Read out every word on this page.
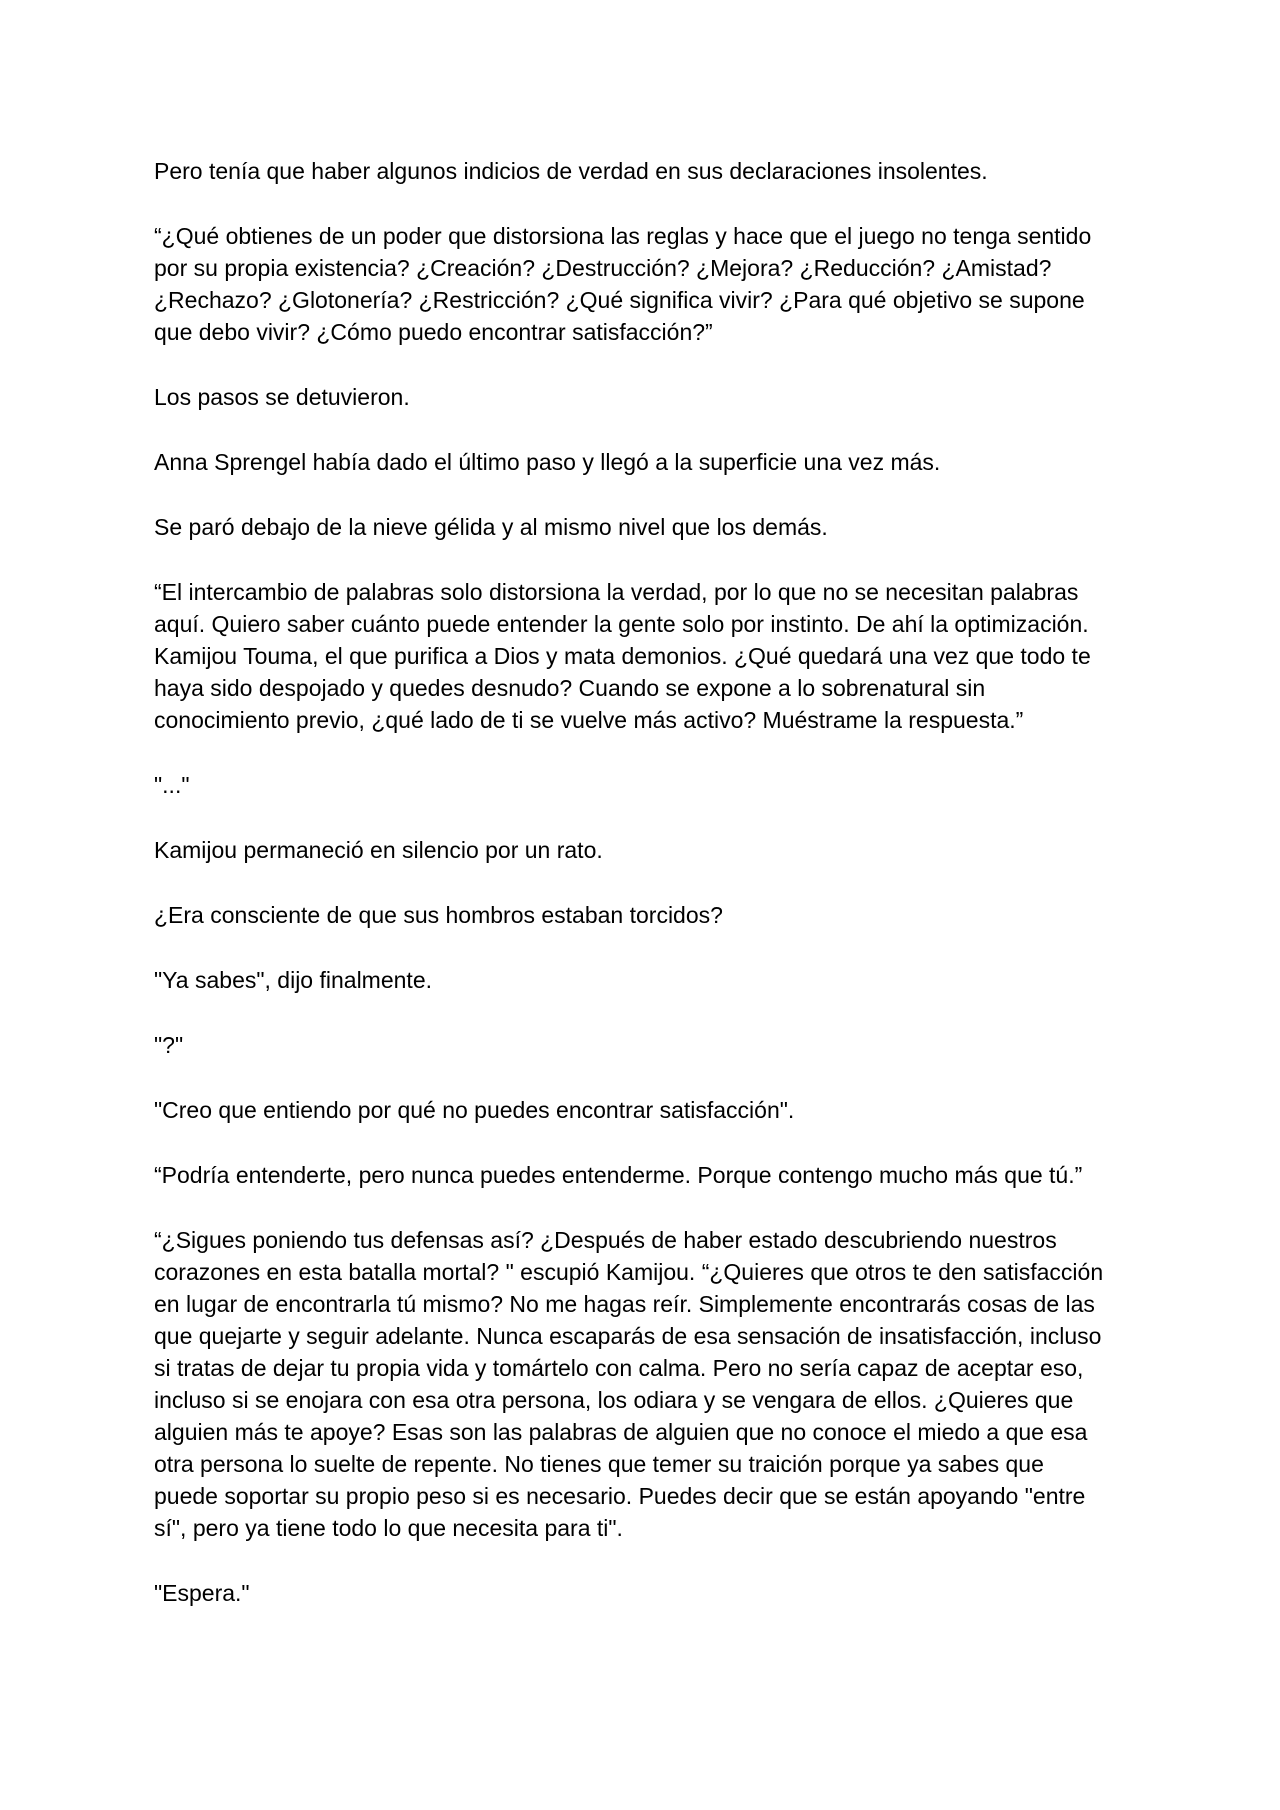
Pero tenía que haber algunos indicios de verdad en sus declaraciones insolentes.

“¿Qué obtienes de un poder que distorsiona las reglas y hace que el juego no tenga sentido por su propia existencia? ¿Creación? ¿Destrucción? ¿Mejora? ¿Reducción? ¿Amistad? ¿Rechazo? ¿Glotonería? ¿Restricción? ¿Qué significa vivir? ¿Para qué objetivo se supone que debo vivir? ¿Cómo puedo encontrar satisfacción?”

Los pasos se detuvieron.

Anna Sprengel había dado el último paso y llegó a la superficie una vez más.

Se paró debajo de la nieve gélida y al mismo nivel que los demás.

“El intercambio de palabras solo distorsiona la verdad, por lo que no se necesitan palabras aquí. Quiero saber cuánto puede entender la gente solo por instinto. De ahí la optimización. Kamijou Touma, el que purifica a Dios y mata demonios. ¿Qué quedará una vez que todo te haya sido despojado y quedes desnudo? Cuando se expone a lo sobrenatural sin conocimiento previo, ¿qué lado de ti se vuelve más activo? Muéstrame la respuesta.”

"..."

Kamijou permaneció en silencio por un rato.

¿Era consciente de que sus hombros estaban torcidos?

"Ya sabes", dijo finalmente.

"?"

"Creo que entiendo por qué no puedes encontrar satisfacción".

“Podría entenderte, pero nunca puedes entenderme. Porque contengo mucho más que tú.”

“¿Sigues poniendo tus defensas así? ¿Después de haber estado descubriendo nuestros corazones en esta batalla mortal? " escupió Kamijou. “¿Quieres que otros te den satisfacción en lugar de encontrarla tú mismo? No me hagas reír. Simplemente encontrarás cosas de las que quejarte y seguir adelante. Nunca escaparás de esa sensación de insatisfacción, incluso si tratas de dejar tu propia vida y tomártelo con calma. Pero no sería capaz de aceptar eso, incluso si se enojara con esa otra persona, los odiara y se vengara de ellos. ¿Quieres que alguien más te apoye? Esas son las palabras de alguien que no conoce el miedo a que esa otra persona lo suelte de repente. No tienes que temer su traición porque ya sabes que puede soportar su propio peso si es necesario. Puedes decir que se están apoyando "entre sí", pero ya tiene todo lo que necesita para ti".

"Espera."
